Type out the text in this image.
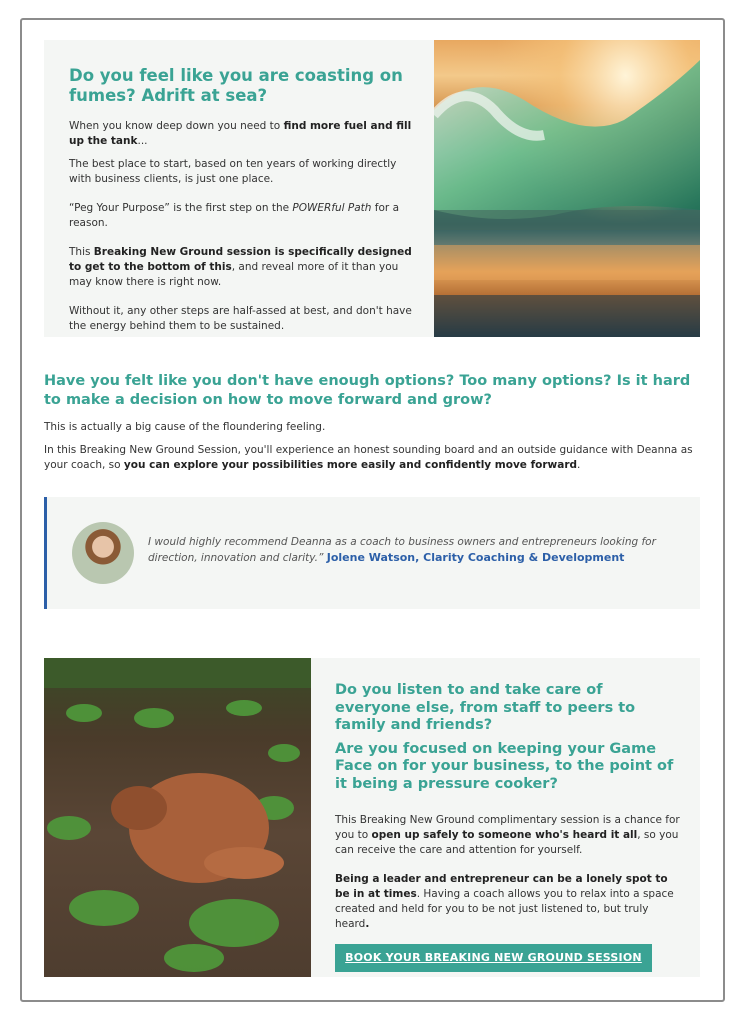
Do you feel like you are coasting on fumes? Adrift at sea?

When you know deep down you need to find more fuel and fill up the tank...

The best place to start, based on ten years of working directly with business clients, is just one place.

“Peg Your Purpose” is the first step on the POWERful Path for a reason.

This Breaking New Ground session is specifically designed to get to the bottom of this, and reveal more of it than you may know there is right now.

Without it, any other steps are half-assed at best, and don't have the energy behind them to be sustained.

Have you felt like you don't have enough options? Too many options? Is it hard to make a decision on how to move forward and grow?

This is actually a big cause of the floundering feeling.

In this Breaking New Ground Session, you'll experience an honest sounding board and an outside guidance with Deanna as your coach, so you can explore your possibilities more easily and confidently move forward.

I would highly recommend Deanna as a coach to business owners and entrepreneurs looking for direction, innovation and clarity.” Jolene Watson, Clarity Coaching & Development

Do you listen to and take care of everyone else, from staff to peers to family and friends?
Are you focused on keeping your Game Face on for your business, to the point of it being a pressure cooker?

This Breaking New Ground complimentary session is a chance for you to open up safely to someone who's heard it all, so you can receive the care and attention for yourself.

Being a leader and entrepreneur can be a lonely spot to be in at times. Having a coach allows you to relax into a space created and held for you to be not just listened to, but truly heard.

BOOK YOUR BREAKING NEW GROUND SESSION
